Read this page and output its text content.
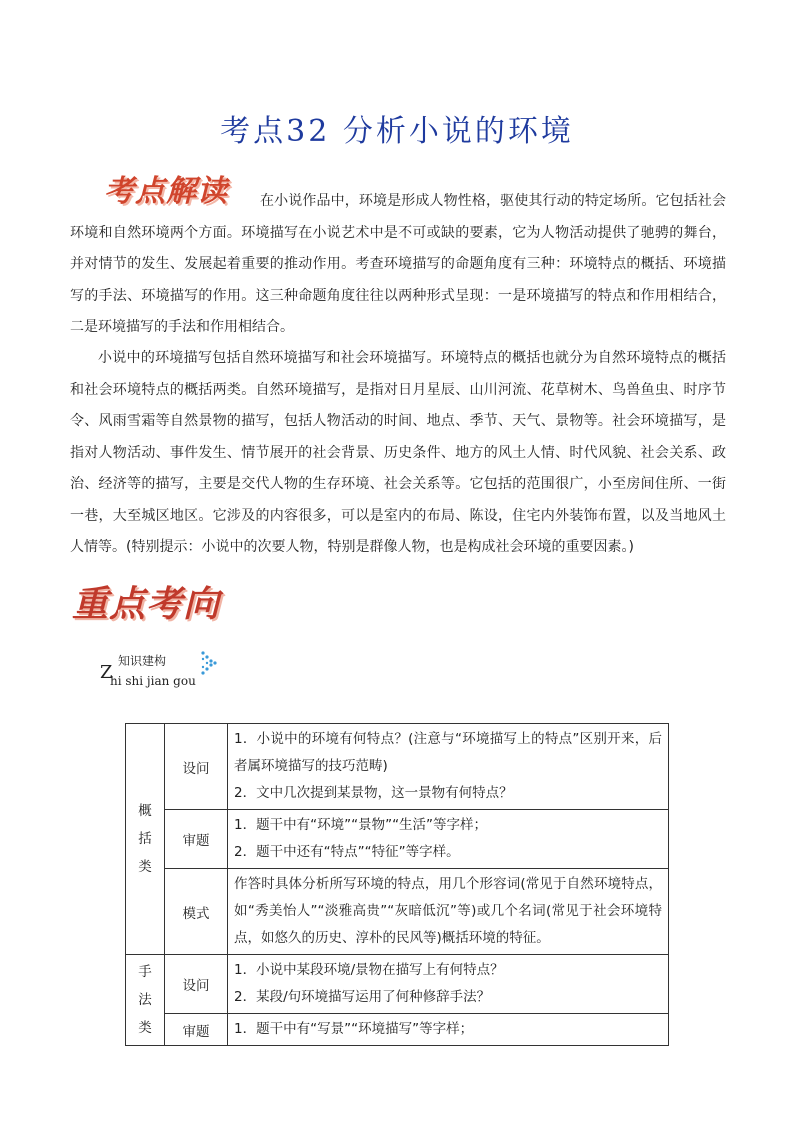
考点32 分析小说的环境
考点解读	在小说作品中，环境是形成人物性格，驱使其行动的特定场所。它包括社会环境和自然环境两个方面。环境描写在小说艺术中是不可或缺的要素，它为人物活动提供了驰骋的舞台，并对情节的发生、发展起着重要的推动作用。考查环境描写的命题角度有三种：环境特点的概括、环境描写的手法、环境描写的作用。这三种命题角度往往以两种形式呈现：一是环境描写的特点和作用相结合，二是环境描写的手法和作用相结合。
小说中的环境描写包括自然环境描写和社会环境描写。环境特点的概括也就分为自然环境特点的概括和社会环境特点的概括两类。自然环境描写，是指对日月星辰、山川河流、花草树木、鸟兽鱼虫、时序节令、风雨雪霜等自然景物的描写，包括人物活动的时间、地点、季节、天气、景物等。社会环境描写，是指对人物活动、事件发生、情节展开的社会背景、历史条件、地方的风土人情、时代风貌、社会关系、政治、经济等的描写，主要是交代人物的生存环境、社会关系等。它包括的范围很广，小至房间住所、一街一巷，大至城区地区。它涉及的内容很多，可以是室内的布局、陈设，住宅内外装饰布置，以及当地风土人情等。(特别提示：小说中的次要人物，特别是群像人物，也是构成社会环境的重要因素。)
重点考向
知识建构
Z
hi shi jian gou
概
括
类	设问	1．小说中的环境有何特点？(注意与“环境描写上的特点”区别开来，后者属环境描写的技巧范畴)
2．文中几次提到某景物，这一景物有何特点？

	审题	1．题干中有“环境”“景物”“生活”等字样；
2．题干中还有“特点”“特征”等字样。

	模式	作答时具体分析所写环境的特点，用几个形容词(常见于自然环境特点，如“秀美怡人”“淡雅高贵”“灰暗低沉”等)或几个名词(常见于社会环境特点，如悠久的历史、淳朴的民风等)概括环境的特征。

手
法
类	设问	1．小说中某段环境/景物在描写上有何特点？
2．某段/句环境描写运用了何种修辞手法？

	审题	1．题干中有“写景”“环境描写”等字样；
